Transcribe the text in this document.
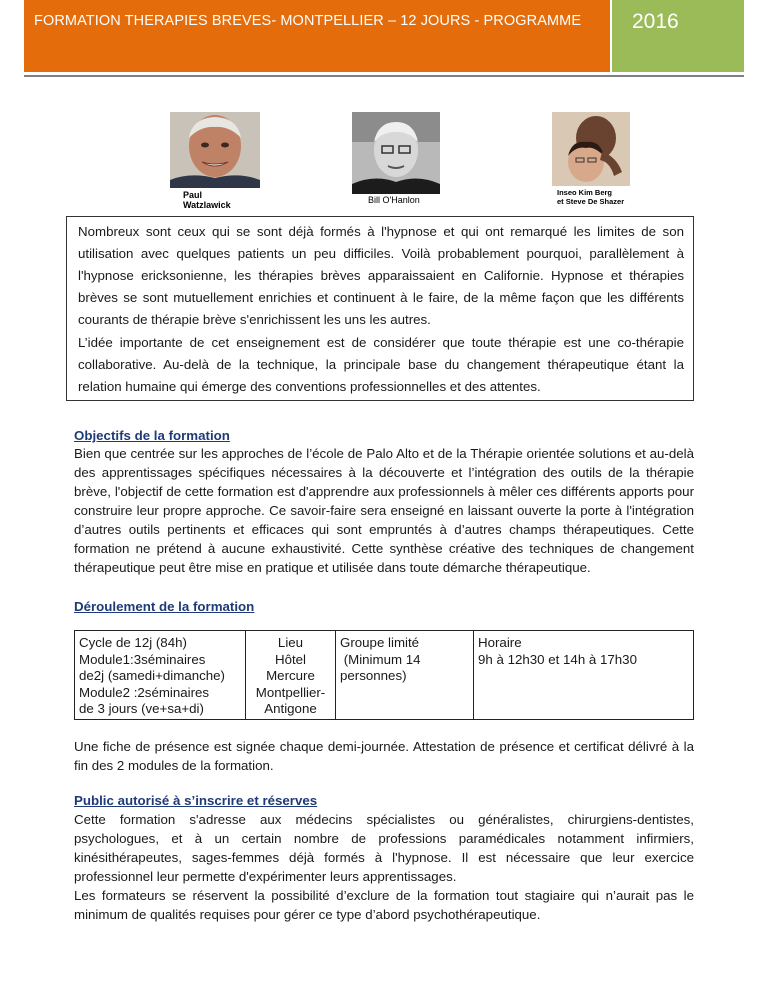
FORMATION THERAPIES BREVES- MONTPELLIER – 12 JOURS - PROGRAMME 2016
Paul
Watzlawick	Bill O'Hanlon
Inseo Kim Berg
et Steve De Shazer

Nombreux sont ceux qui se sont déjà formés à l'hypnose et qui ont remarqué les limites de son utilisation avec quelques patients un peu difficiles. Voilà probablement pourquoi, parallèlement à l'hypnose ericksonienne, les thérapies brèves apparaissaient en Californie. Hypnose et thérapies brèves se sont mutuellement enrichies et continuent à le faire, de la même façon que les différents courants de thérapie brève s'enrichissent les uns les autres.

L’idée importante de cet enseignement est de considérer que toute thérapie est une co-thérapie collaborative. Au-delà de la technique, la principale base du changement thérapeutique étant la relation humaine qui émerge des conventions professionnelles et des attentes.

Objectifs de la formation

Bien que centrée sur les approches de l’école de Palo Alto et de la Thérapie orientée solutions et au-delà des apprentissages spécifiques nécessaires à la découverte et l’intégration des outils de la thérapie brève, l'objectif de cette formation est d'apprendre aux professionnels à mêler ces différents apports pour construire leur propre approche. Ce savoir-faire sera enseigné en laissant ouverte la porte à l'intégration d’autres outils pertinents et efficaces qui sont empruntés à d’autres champs thérapeutiques. Cette formation ne prétend à aucune exhaustivité. Cette synthèse créative des techniques de changement thérapeutique peut être mise en pratique et utilisée dans toute démarche thérapeutique.

Déroulement de la formation
Cycle de 12j (84h)
Module1:3séminaires
de2j (samedi+dimanche)
Module2 :2séminaires
de 3 jours (ve+sa+di)
Lieu
Hôtel
Mercure
Montpellier-
Antigone
Groupe limité
(Minimum 14
personnes)
Horaire
9h à 12h30 et 14h à 17h30

Une fiche de présence est signée chaque demi-journée. Attestation de présence et certificat délivré à la fin des 2 modules de la formation.

Public autorisé à s’inscrire et réserves

Cette formation s'adresse aux médecins spécialistes ou généralistes, chirurgiens-dentistes, psychologues, et à un certain nombre de professions paramédicales notamment infirmiers, kinésithérapeutes, sages-femmes déjà formés à l'hypnose. Il est nécessaire que leur exercice professionnel leur permette d'expérimenter leurs apprentissages.

Les formateurs se réservent la possibilité d’exclure de la formation tout stagiaire qui n’aurait pas le minimum de qualités requises pour gérer ce type d’abord psychothérapeutique.
